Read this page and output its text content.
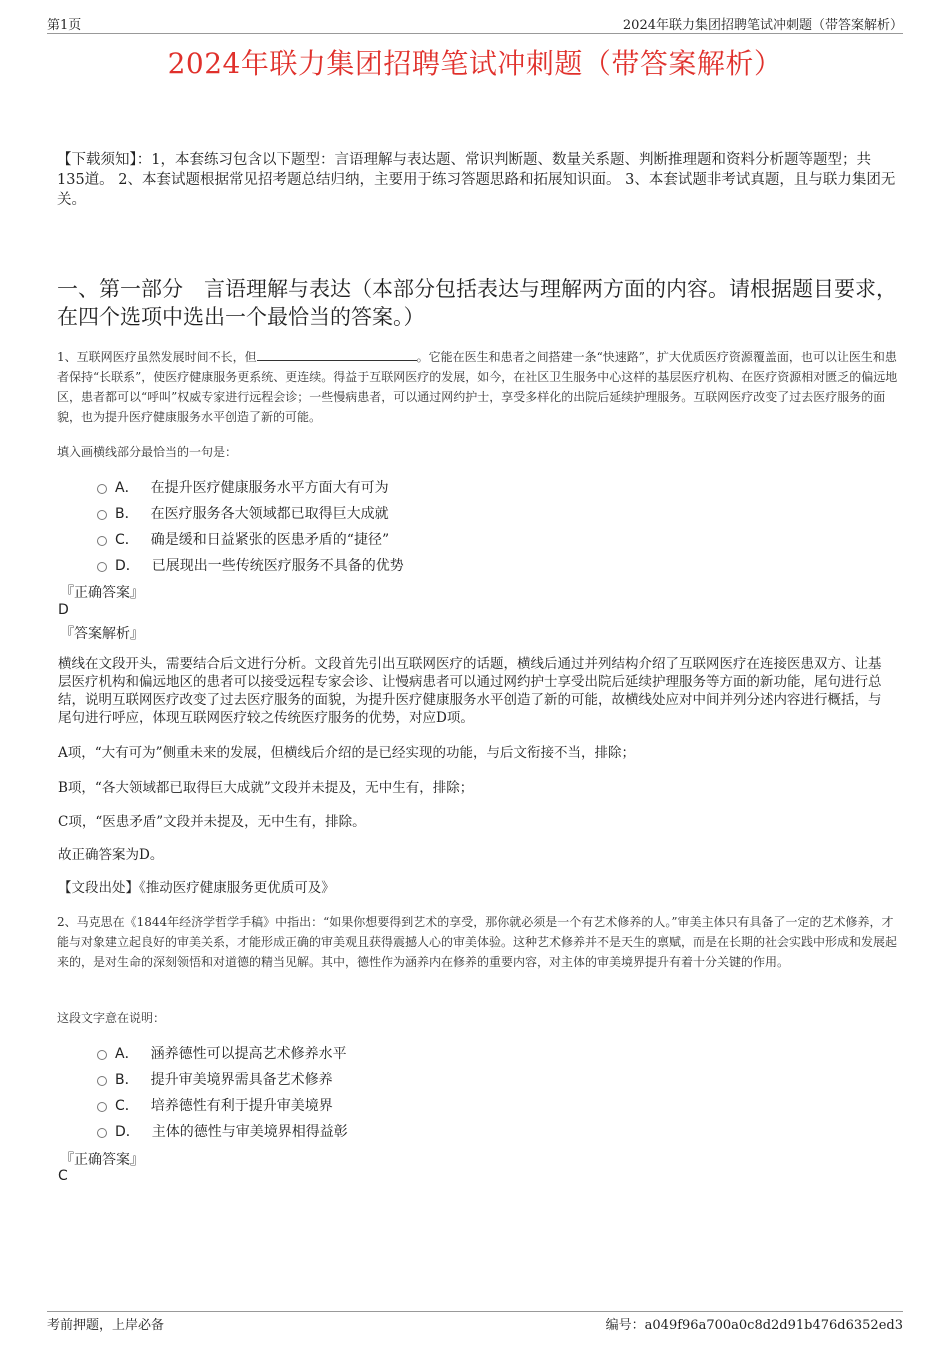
第1页	2024年联力集团招聘笔试冲刺题（带答案解析）
2024年联力集团招聘笔试冲刺题（带答案解析）
【下载须知】：1，本套练习包含以下题型：言语理解与表达题、常识判断题、数量关系题、判断推理题和资料分析题等题型；共135道。 2、本套试题根据常见招考题总结归纳，主要用于练习答题思路和拓展知识面。 3、本套试题非考试真题，且与联力集团无关。
一、第一部分　言语理解与表达（本部分包括表达与理解两方面的内容。请根据题目要求，在四个选项中选出一个最恰当的答案。）
1、互联网医疗虽然发展时间不长，但	。它能在医生和患者之间搭建一条“快速路”，扩大优质医疗资源覆盖面，也可以让医生和患者保持“长联系”，使医疗健康服务更系统、更连续。得益于互联网医疗的发展，如今，在社区卫生服务中心这样的基层医疗机构、在医疗资源相对匮乏的偏远地区，患者都可以“呼叫”权威专家进行远程会诊；一些慢病患者，可以通过网约护士，享受多样化的出院后延续护理服务。互联网医疗改变了过去医疗服务的面貌，也为提升医疗健康服务水平创造了新的可能。
填入画横线部分最恰当的一句是：
A． 在提升医疗健康服务水平方面大有可为
B． 在医疗服务各大领域都已取得巨大成就
C． 确是缓和日益紧张的医患矛盾的“捷径”
D． 已展现出一些传统医疗服务不具备的优势
『正确答案』
D
『答案解析』
横线在文段开头，需要结合后文进行分析。文段首先引出互联网医疗的话题，横线后通过并列结构介绍了互联网医疗在连接医患双方、让基层医疗机构和偏远地区的患者可以接受远程专家会诊、让慢病患者可以通过网约护士享受出院后延续护理服务等方面的新功能，尾句进行总结，说明互联网医疗改变了过去医疗服务的面貌，为提升医疗健康服务水平创造了新的可能，故横线处应对中间并列分述内容进行概括，与尾句进行呼应，体现互联网医疗较之传统医疗服务的优势，对应D项。
A项，“大有可为”侧重未来的发展，但横线后介绍的是已经实现的功能，与后文衔接不当，排除；
B项，“各大领域都已取得巨大成就”文段并未提及，无中生有，排除；
C项，“医患矛盾”文段并未提及，无中生有，排除。
故正确答案为D。
【文段出处】《推动医疗健康服务更优质可及》
2、马克思在《1844年经济学哲学手稿》中指出：“如果你想要得到艺术的享受，那你就必须是一个有艺术修养的人。”审美主体只有具备了一定的艺术修养，才能与对象建立起良好的审美关系，才能形成正确的审美观且获得震撼人心的审美体验。这种艺术修养并不是天生的禀赋，而是在长期的社会实践中形成和发展起来的，是对生命的深刻领悟和对道德的精当见解。其中，德性作为涵养内在修养的重要内容，对主体的审美境界提升有着十分关键的作用。
这段文字意在说明：
A． 涵养德性可以提高艺术修养水平
B． 提升审美境界需具备艺术修养
C． 培养德性有利于提升审美境界
D． 主体的德性与审美境界相得益彰
『正确答案』
C
考前押题，上岸必备	编号：a049f96a700a0c8d2d91b476d6352ed3
